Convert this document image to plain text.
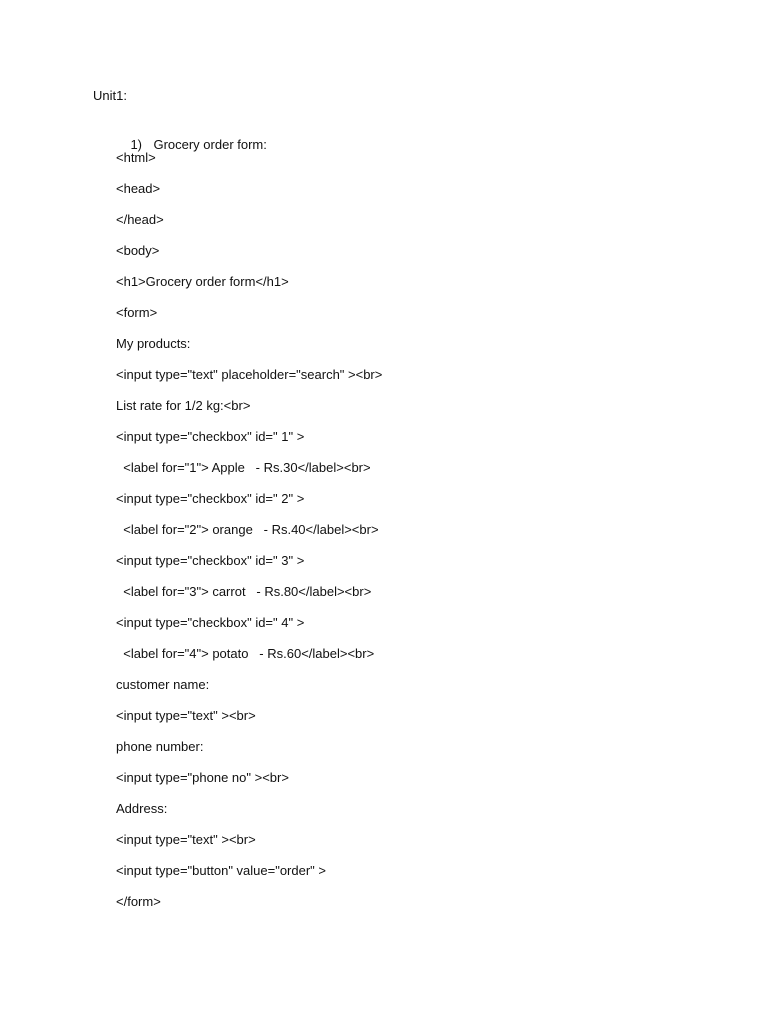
Unit1:

1) Grocery order form:

<html>
<head>
</head>
<body>
<h1>Grocery order form</h1>
<form>
My products:
<input type="text" placeholder="search" ><br>
List rate for 1/2 kg:<br>
<input type="checkbox" id=" 1" >
<label for="1"> Apple   - Rs.30</label><br>
<input type="checkbox" id=" 2" >
<label for="2"> orange   - Rs.40</label><br>
<input type="checkbox" id=" 3" >
<label for="3"> carrot   - Rs.80</label><br>
<input type="checkbox" id=" 4" >
<label for="4"> potato   - Rs.60</label><br>
customer name:
<input type="text" ><br>
phone number:
<input type="phone no" ><br>
Address:
<input type="text" ><br>
<input type="button" value="order" >
</form>
